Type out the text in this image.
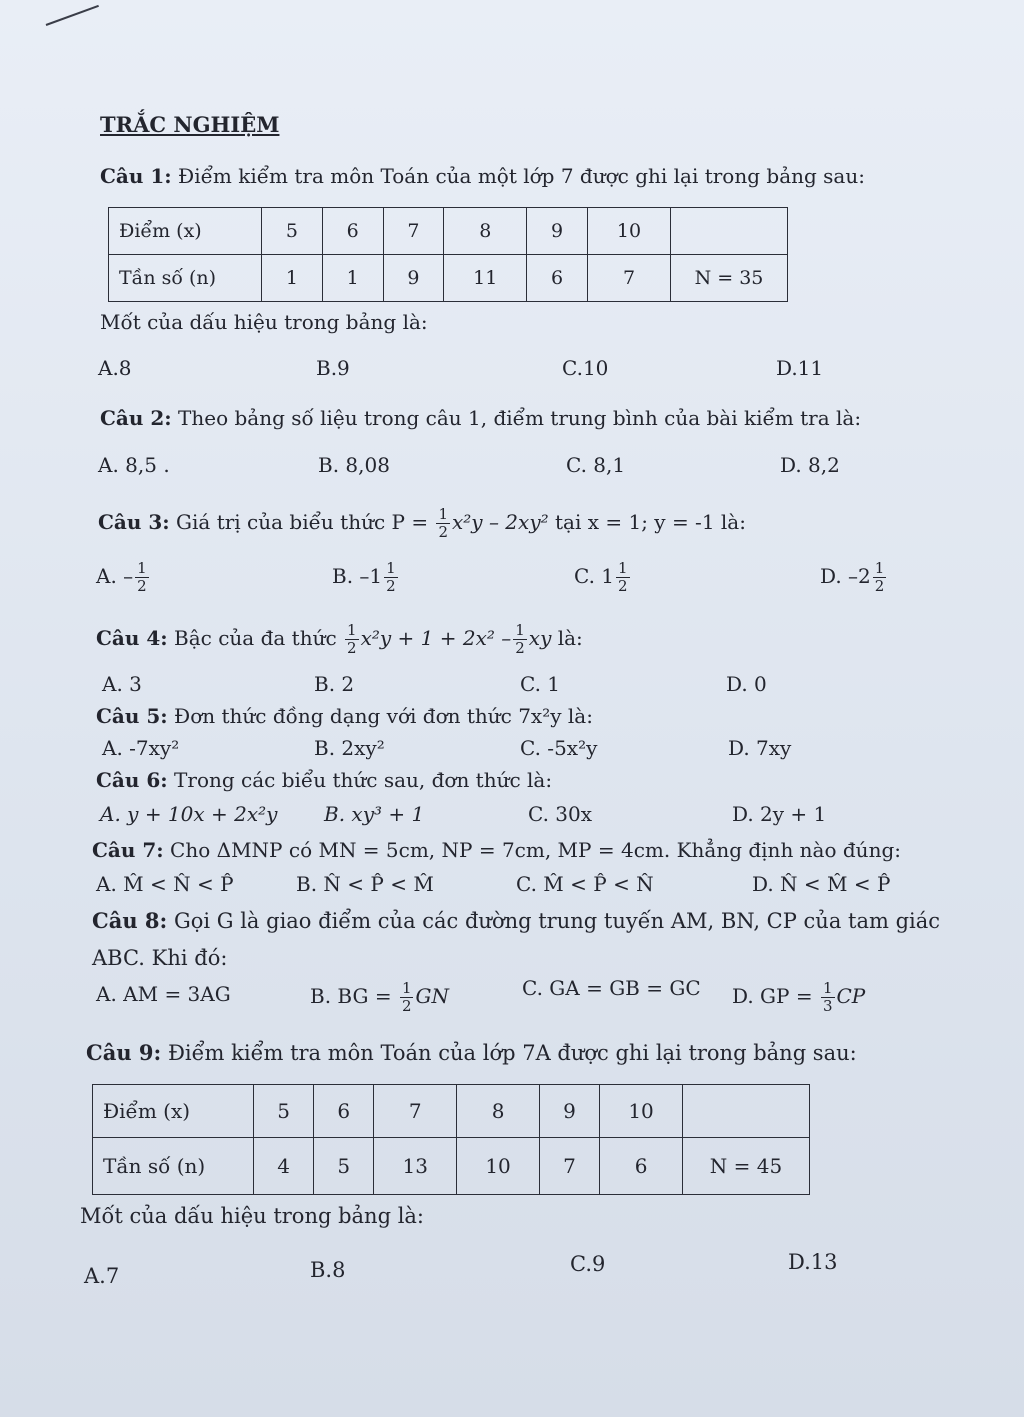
TRẮC NGHIỆM
Câu 1: Điểm kiểm tra môn Toán của một lớp 7 được ghi lại trong bảng sau:
Điểm (x)	5	6	7	8	9	10	
Tần số (n)	1	1	9	11	6	7	N = 35
Mốt của dấu hiệu trong bảng là:
A.8	B.9	C.10	D.11
Câu 2: Theo bảng số liệu trong câu 1, điểm trung bình của bài kiểm tra là:
A. 8,5 .	B. 8,08	C. 8,1	D. 8,2
Câu 3: Giá trị của biểu thức $P = \frac{1}{2} x^2y - 2xy^2$ tại x = 1; y = -1 là:
A. – $\frac{1}{2}$	B. $-1 \frac{1}{2}$	C. $1 \frac{1}{2}$	D. $-2 \frac{1}{2}$
Câu 4: Bậc của đa thức $\frac{1}{2} x^2y + 1 + 2x^2 - \frac{1}{2}$ xy là:
A. 3	B. 2	C. 1	D. 0
Câu 5: Đơn thức đồng dạng với đơn thức 7x²y là:
A. -7xy²	B. 2xy²	C. -5x²y	D. 7xy
Câu 6: Trong các biểu thức sau, đơn thức là:
A. y + 10x + 2x²y B. xy³ + 1	C. 30x	D. 2y + 1
Câu 7: Cho ΔMNP có MN = 5cm, NP = 7cm, MP = 4cm. Khẳng định nào đúng:
A. M̂ < N̂ < P̂	B. N̂ < P̂ < M̂	C. M̂ < P̂ < N̂	D. N̂ < M̂ < P̂
Câu 8: Gọi G là giao điểm của các đường trung tuyến AM, BN, CP của tam giác
ABC. Khi đó:
A. AM = 3AG	B. BG = $\frac{1}{2}$ GN	C. GA = GB = GC D. GP = $\frac{1}{3}$ CP
Câu 9: Điểm kiểm tra môn Toán của lớp 7A được ghi lại trong bảng sau:
Điểm (x)	5	6	7	8	9	10	
Tần số (n)	4	5	13	10	7	6	N = 45
Mốt của dấu hiệu trong bảng là:
A.7	B.8	C.9	D.13
